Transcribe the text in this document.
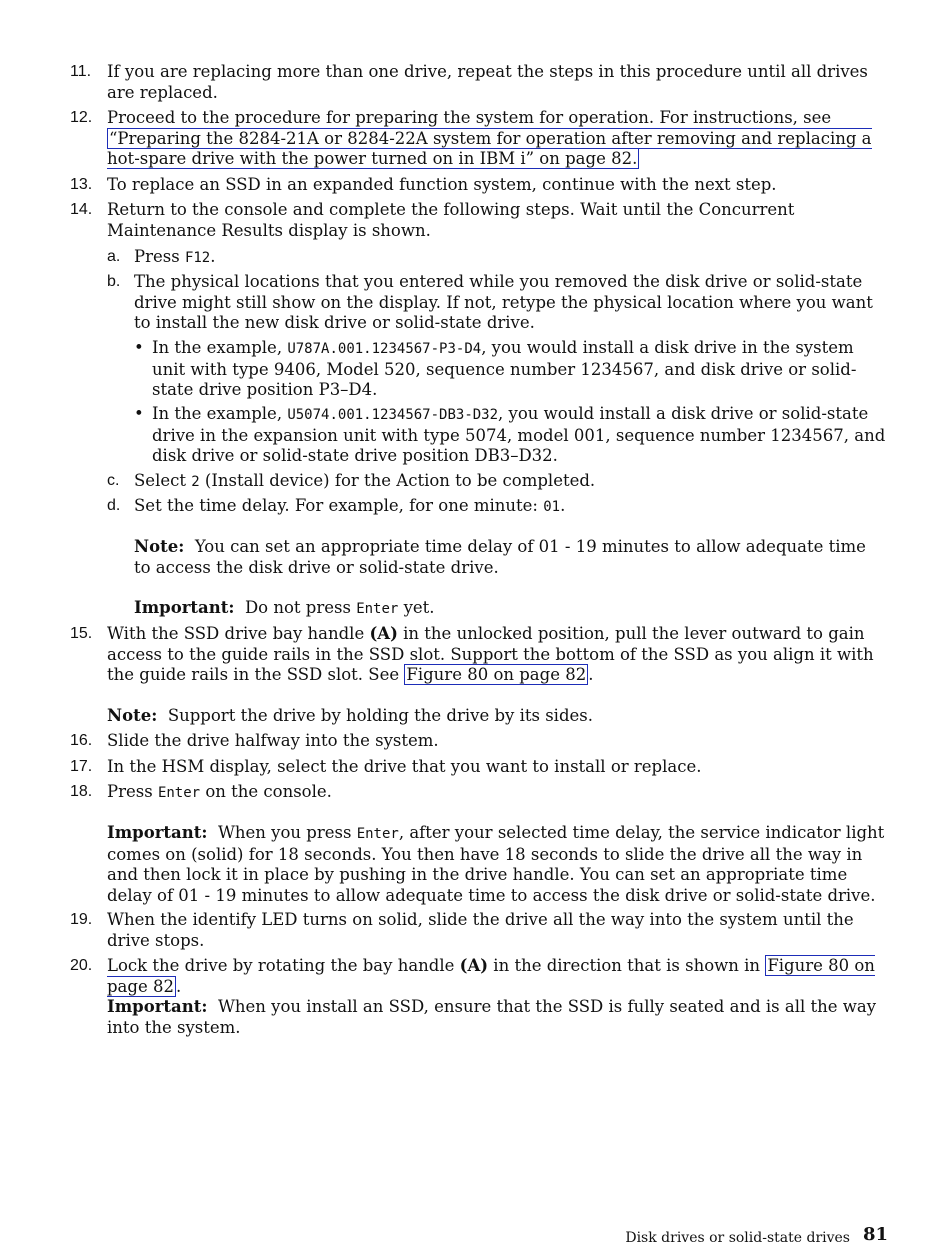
11. If you are replacing more than one drive, repeat the steps in this procedure until all drives are replaced.
12. Proceed to the procedure for preparing the system for operation. For instructions, see “Preparing the 8284-21A or 8284-22A system for operation after removing and replacing a hot-spare drive with the power turned on in IBM i” on page 82.
13. To replace an SSD in an expanded function system, continue with the next step.
14. Return to the console and complete the following steps. Wait until the Concurrent Maintenance Results display is shown.
a. Press F12.
b. The physical locations that you entered while you removed the disk drive or solid-state drive might still show on the display. If not, retype the physical location where you want to install the new disk drive or solid-state drive.
• In the example, U787A.001.1234567-P3-D4, you would install a disk drive in the system unit with type 9406, Model 520, sequence number 1234567, and disk drive or solid-state drive position P3–D4.
• In the example, U5074.001.1234567-DB3-D32, you would install a disk drive or solid-state drive in the expansion unit with type 5074, model 001, sequence number 1234567, and disk drive or solid-state drive position DB3–D32.
c. Select 2 (Install device) for the Action to be completed.
d. Set the time delay. For example, for one minute: 01.
Note: You can set an appropriate time delay of 01 - 19 minutes to allow adequate time to access the disk drive or solid-state drive.
Important: Do not press Enter yet.
15. With the SSD drive bay handle (A) in the unlocked position, pull the lever outward to gain access to the guide rails in the SSD slot. Support the bottom of the SSD as you align it with the guide rails in the SSD slot. See Figure 80 on page 82 .
Note: Support the drive by holding the drive by its sides.
16. Slide the drive halfway into the system.
17. In the HSM display, select the drive that you want to install or replace.
18. Press Enter on the console.
Important: When you press Enter, after your selected time delay, the service indicator light comes on (solid) for 18 seconds. You then have 18 seconds to slide the drive all the way in and then lock it in place by pushing in the drive handle. You can set an appropriate time delay of 01 - 19 minutes to allow adequate time to access the disk drive or solid-state drive.
19. When the identify LED turns on solid, slide the drive all the way into the system until the drive stops.
20. Lock the drive by rotating the bay handle (A) in the direction that is shown in Figure 80 on page 82 .
Important: When you install an SSD, ensure that the SSD is fully seated and is all the way into the system.
Disk drives or solid-state drives 81
